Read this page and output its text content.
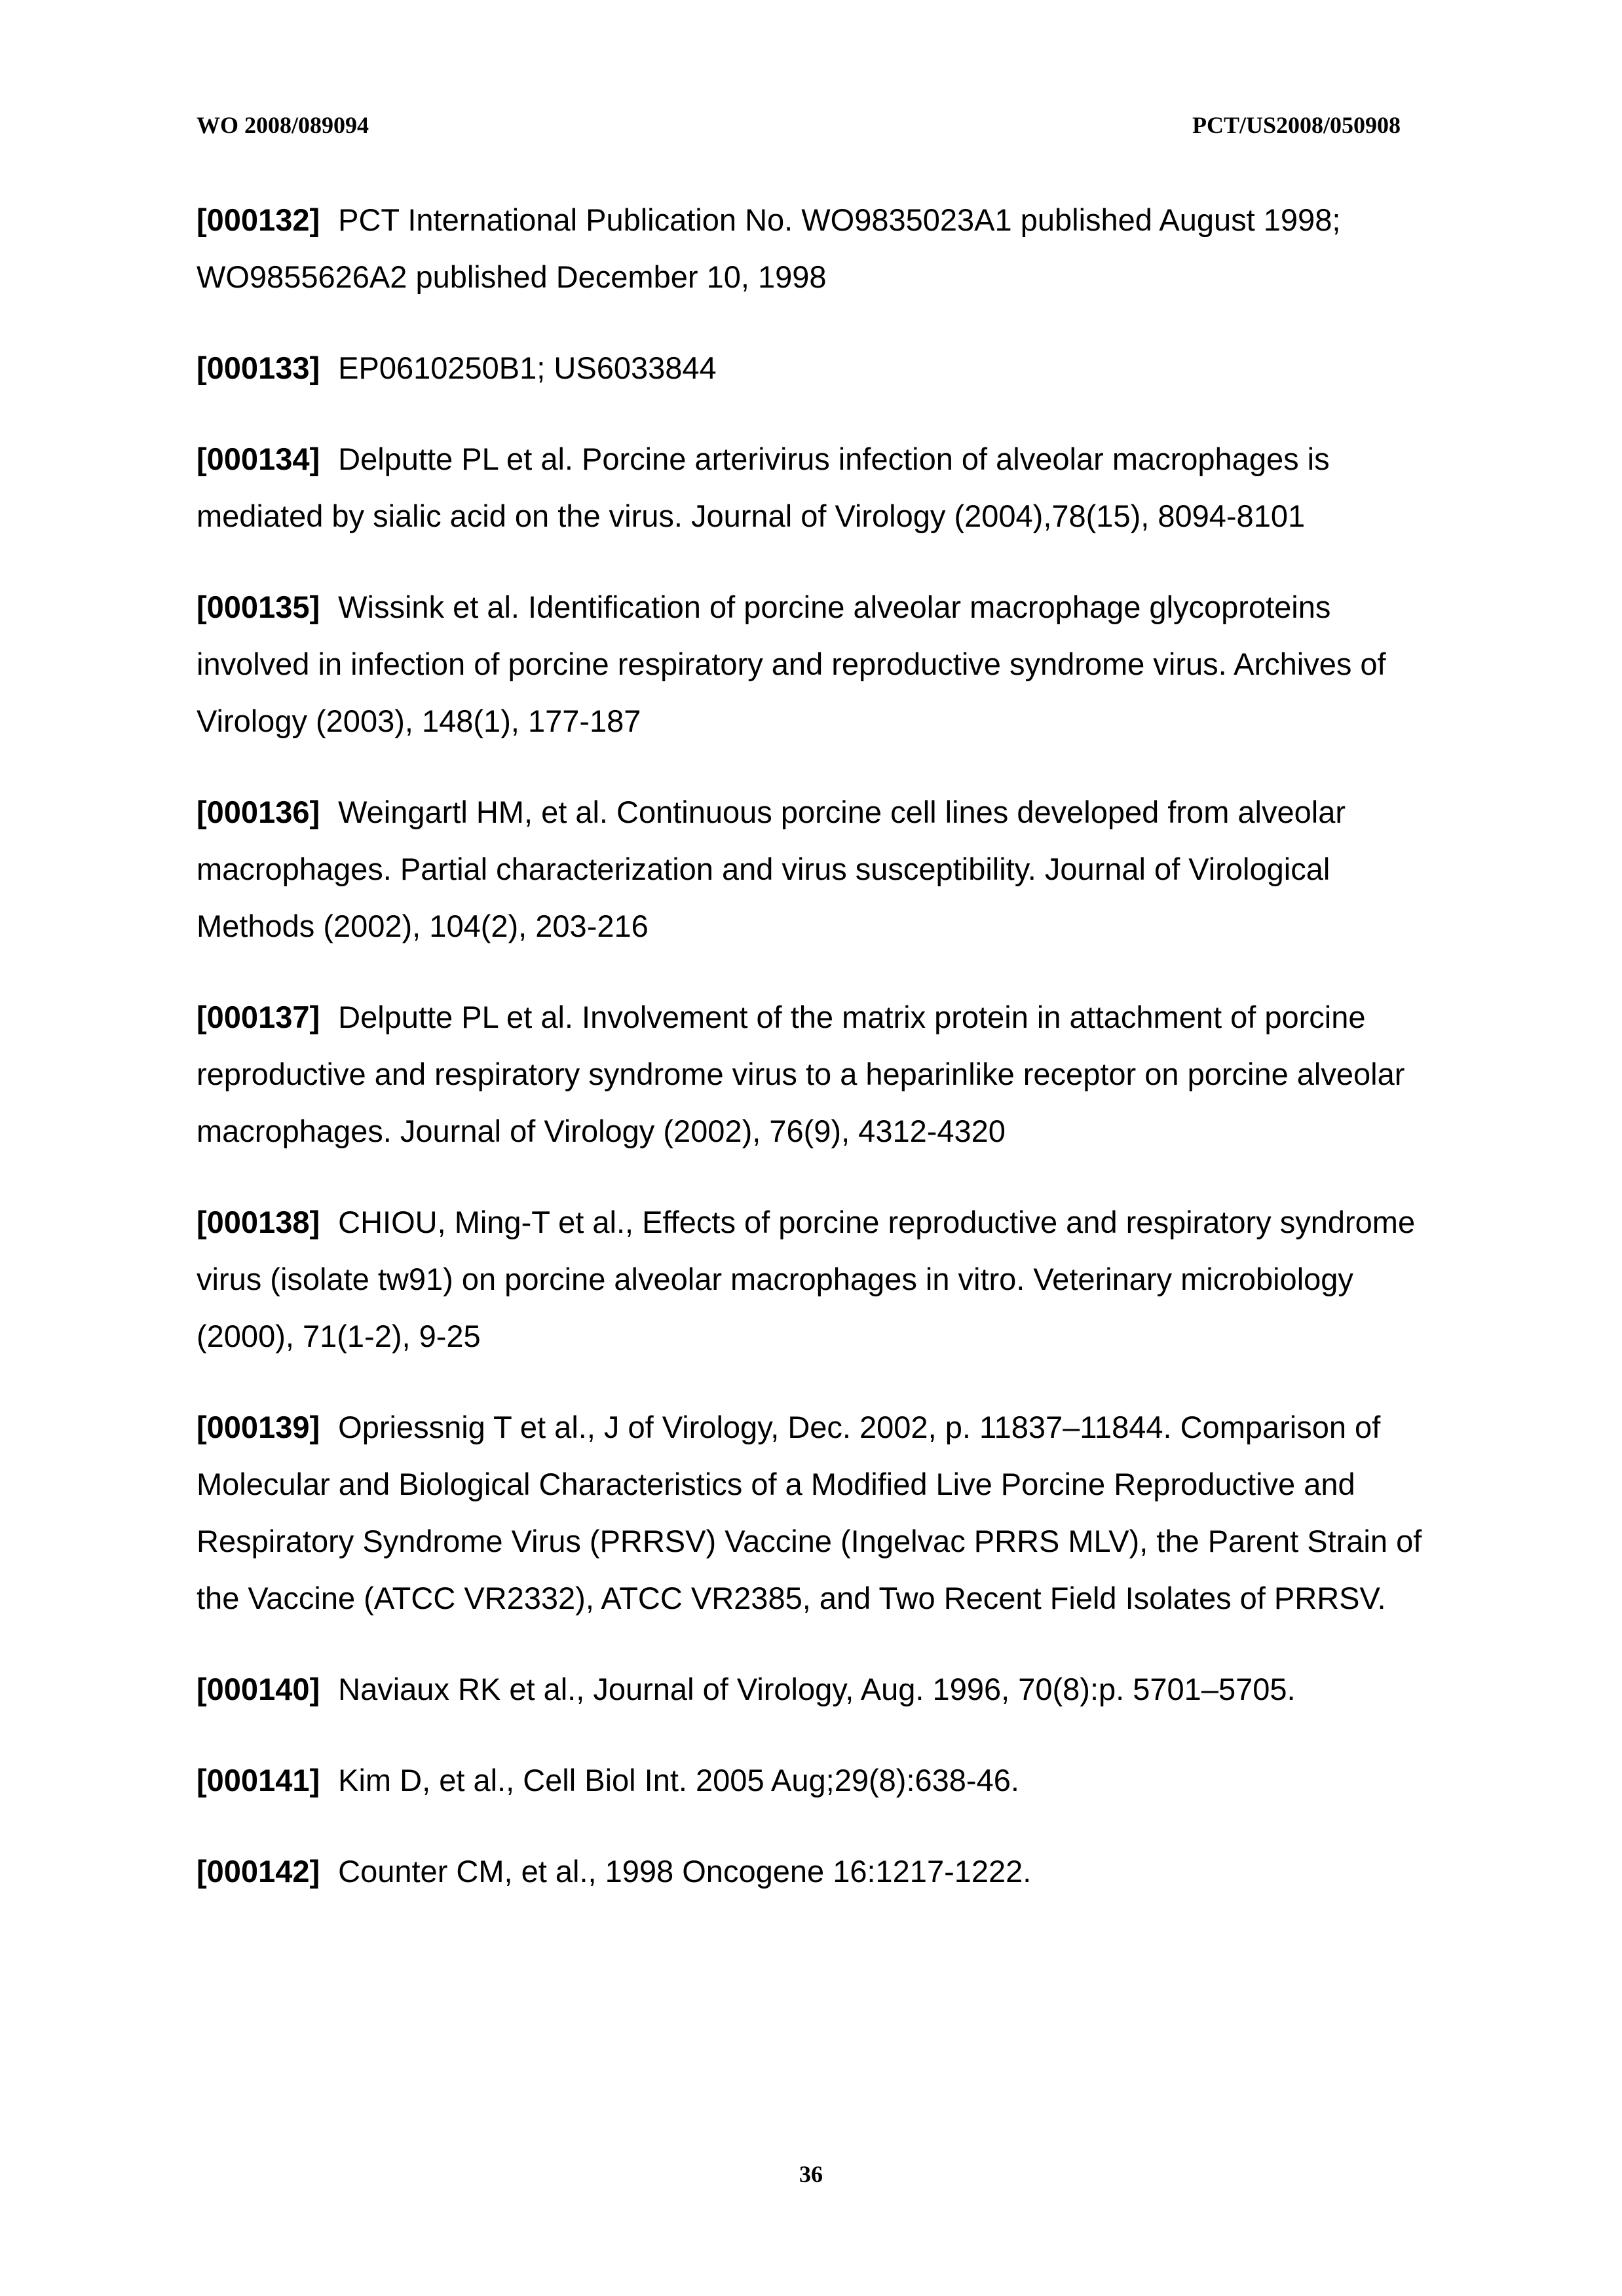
WO 2008/089094	PCT/US2008/050908

[000132] PCT International Publication No. WO9835023A1 published August 1998; WO9855626A2 published December 10, 1998

[000133] EP0610250B1; US6033844

[000134] Delputte PL et al. Porcine arterivirus infection of alveolar macrophages is mediated by sialic acid on the virus. Journal of Virology (2004),78(15), 8094-8101

[000135] Wissink et al. Identification of porcine alveolar macrophage glycoproteins involved in infection of porcine respiratory and reproductive syndrome virus. Archives of Virology (2003), 148(1), 177-187

[000136] Weingartl HM, et al. Continuous porcine cell lines developed from alveolar macrophages. Partial characterization and virus susceptibility. Journal of Virological Methods (2002), 104(2), 203-216

[000137] Delputte PL et al. Involvement of the matrix protein in attachment of porcine reproductive and respiratory syndrome virus to a heparinlike receptor on porcine alveolar macrophages. Journal of Virology (2002), 76(9), 4312-4320

[000138] CHIOU, Ming-T et al., Effects of porcine reproductive and respiratory syndrome virus (isolate tw91) on porcine alveolar macrophages in vitro. Veterinary microbiology (2000), 71(1-2), 9-25

[000139] Opriessnig T et al., J of Virology, Dec. 2002, p. 11837–11844. Comparison of Molecular and Biological Characteristics of a Modified Live Porcine Reproductive and Respiratory Syndrome Virus (PRRSV) Vaccine (Ingelvac PRRS MLV), the Parent Strain of the Vaccine (ATCC VR2332), ATCC VR2385, and Two Recent Field Isolates of PRRSV.

[000140] Naviaux RK et al., Journal of Virology, Aug. 1996, 70(8):p. 5701–5705.

[000141] Kim D, et al., Cell Biol Int. 2005 Aug;29(8):638-46.

[000142] Counter CM, et al., 1998 Oncogene 16:1217-1222.

36
